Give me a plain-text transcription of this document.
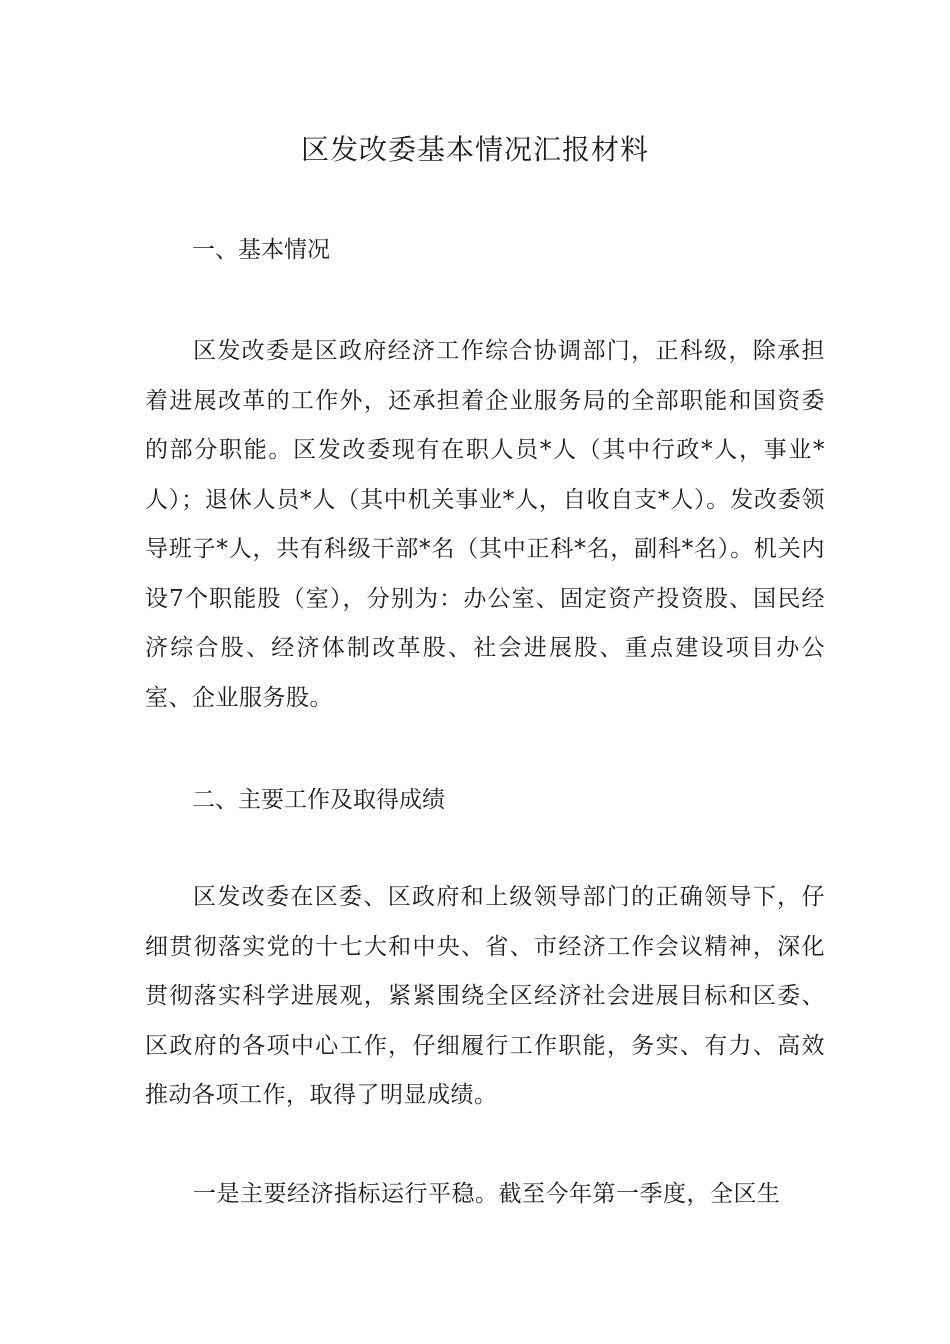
区发改委基本情况汇报材料
一、基本情况

区发改委是区政府经济工作综合协调部门，正科级，除承担着进展改革的工作外，还承担着企业服务局的全部职能和国资委的部分职能。区发改委现有在职人员*人（其中行政*人，事业*人）；退休人员*人（其中机关事业*人，自收自支*人）。发改委领导班子*人，共有科级干部*名（其中正科*名，副科*名）。机关内设7个职能股（室），分别为：办公室、固定资产投资股、国民经济综合股、经济体制改革股、社会进展股、重点建设项目办公室、企业服务股。

二、主要工作及取得成绩

区发改委在区委、区政府和上级领导部门的正确领导下，仔细贯彻落实党的十七大和中央、省、市经济工作会议精神，深化贯彻落实科学进展观，紧紧围绕全区经济社会进展目标和区委、区政府的各项中心工作，仔细履行工作职能，务实、有力、高效推动各项工作，取得了明显成绩。

一是主要经济指标运行平稳。截至今年第一季度，全区生
